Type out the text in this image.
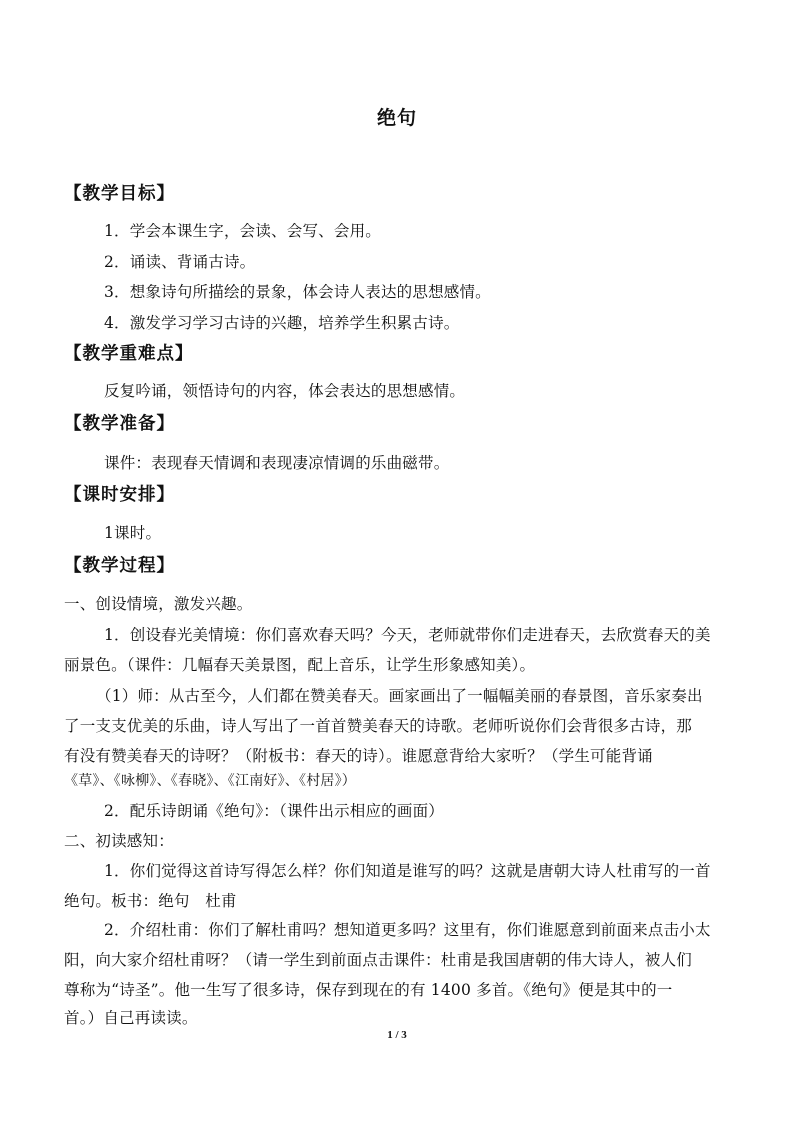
绝句
【教学目标】
1．学会本课生字，会读、会写、会用。
2．诵读、背诵古诗。
3．想象诗句所描绘的景象，体会诗人表达的思想感情。
4．激发学习学习古诗的兴趣，培养学生积累古诗。
【教学重难点】
反复吟诵，领悟诗句的内容，体会表达的思想感情。
【教学准备】
课件：表现春天情调和表现凄凉情调的乐曲磁带。
【课时安排】
1课时。
【教学过程】
一、创设情境，激发兴趣。
1．创设春光美情境：你们喜欢春天吗？今天，老师就带你们走进春天，去欣赏春天的美
丽景色。（课件：几幅春天美景图，配上音乐，让学生形象感知美）。
（1）师：从古至今，人们都在赞美春天。画家画出了一幅幅美丽的春景图，音乐家奏出
了一支支优美的乐曲，诗人写出了一首首赞美春天的诗歌。老师听说你们会背很多古诗，那
有没有赞美春天的诗呀？（附板书：春天的诗）。谁愿意背给大家听？（学生可能背诵
《草》、《咏柳》、《春晓》、《江南好》、《村居》）
2．配乐诗朗诵《绝句》：（课件出示相应的画面）
二、初读感知：
1．你们觉得这首诗写得怎么样？你们知道是谁写的吗？这就是唐朝大诗人杜甫写的一首
绝句。板书：绝句　杜甫
2．介绍杜甫：你们了解杜甫吗？想知道更多吗？这里有，你们谁愿意到前面来点击小太
阳，向大家介绍杜甫呀？（请一学生到前面点击课件：杜甫是我国唐朝的伟大诗人，被人们
尊称为“诗圣”。他一生写了很多诗，保存到现在的有 1400 多首。《绝句》便是其中的一
首。）自己再读读。
1 / 3
